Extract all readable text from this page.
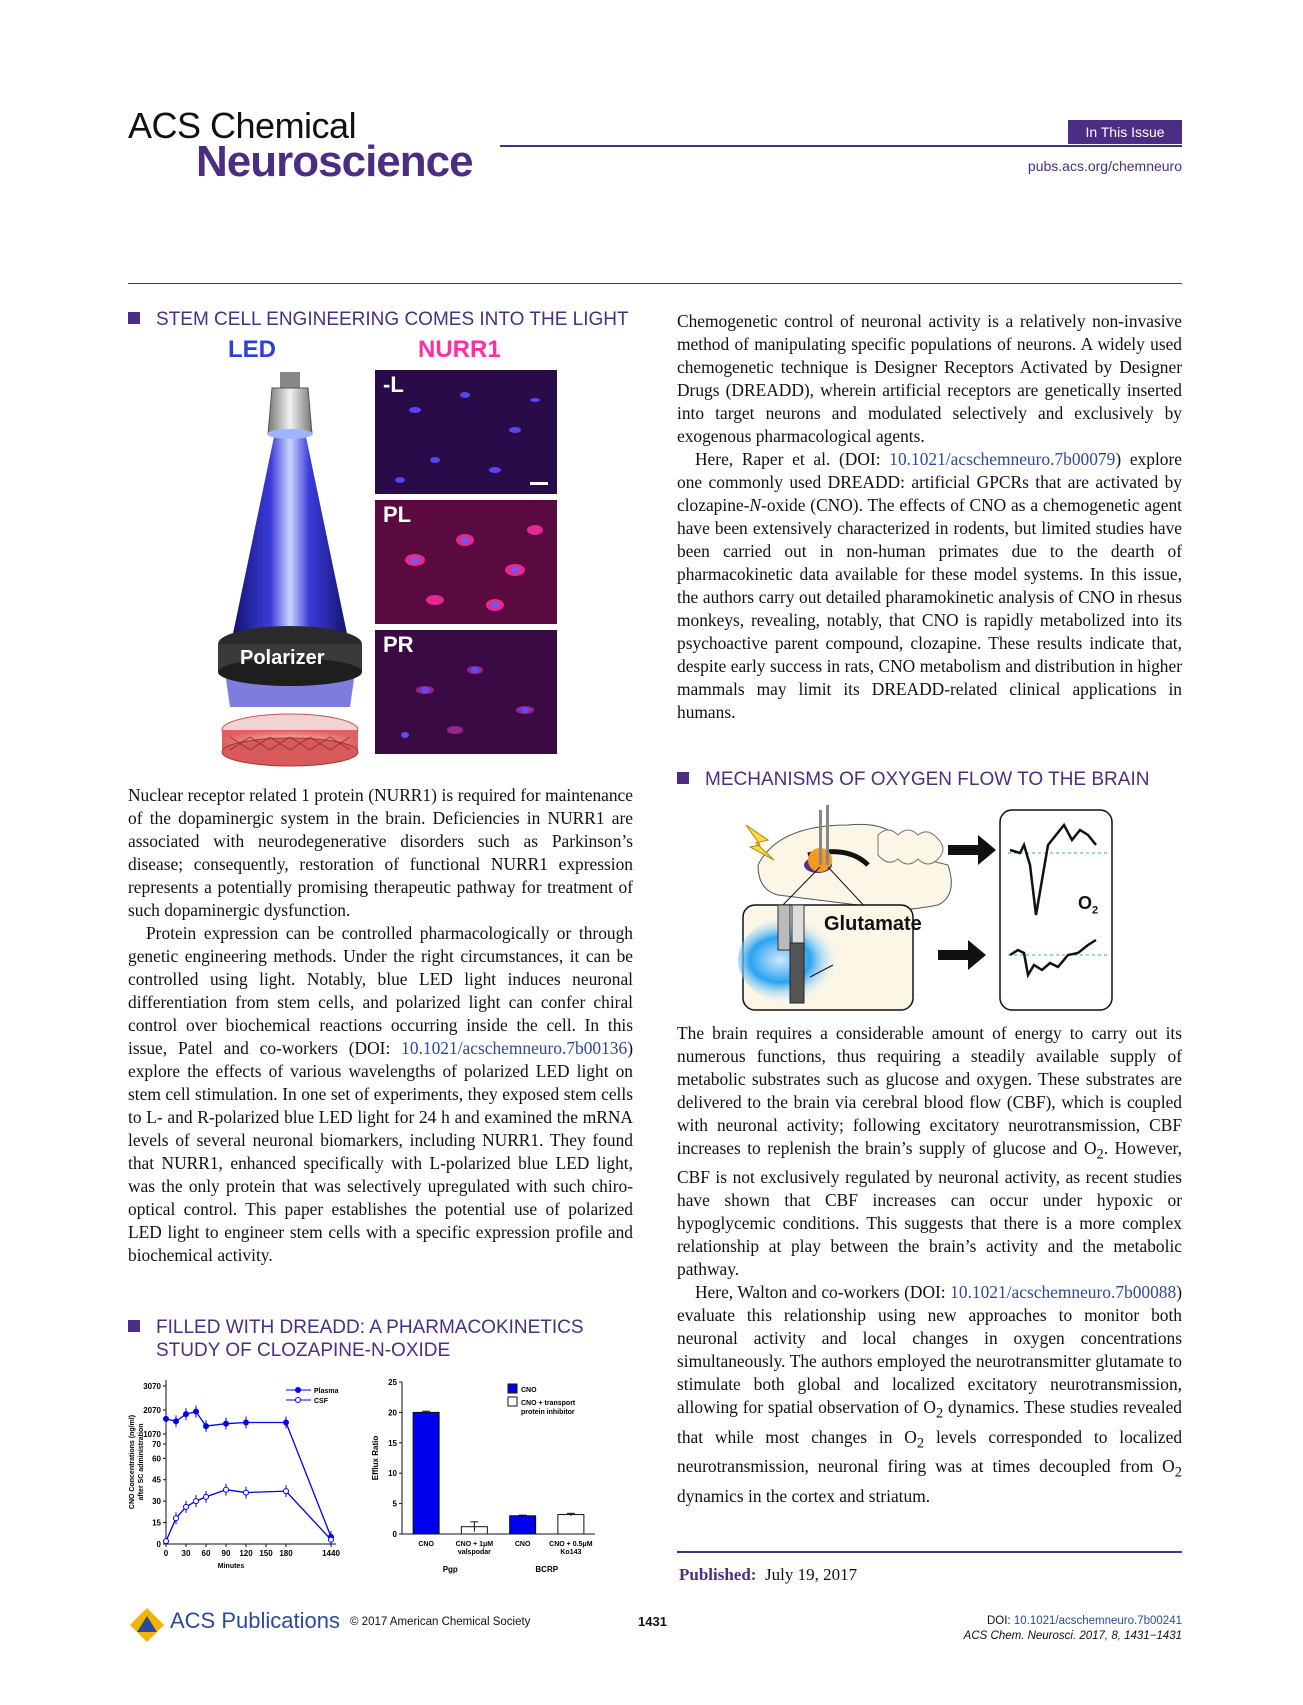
ACS Chemical
Neuroscience
In This Issue
pubs.acs.org/chemneuro
STEM CELL ENGINEERING COMES INTO THE LIGHT
LED
Polarizer
NURR1
-L
PL
PR

Nuclear receptor related 1 protein (NURR1) is required for maintenance of the dopaminergic system in the brain. Deficiencies in NURR1 are associated with neurodegenerative disorders such as Parkinson’s disease; consequently, restoration of functional NURR1 expression represents a potentially promising therapeutic pathway for treatment of such dopaminergic dysfunction.

Protein expression can be controlled pharmacologically or through genetic engineering methods. Under the right circumstances, it can be controlled using light. Notably, blue LED light induces neuronal differentiation from stem cells, and polarized light can confer chiral control over biochemical reactions occurring inside the cell. In this issue, Patel and co-workers (DOI: 10.1021/acschemneuro.7b00136) explore the effects of various wavelengths of polarized LED light on stem cell stimulation. In one set of experiments, they exposed stem cells to L- and R-polarized blue LED light for 24 h and examined the mRNA levels of several neuronal biomarkers, including NURR1. They found that NURR1, enhanced specifically with L-polarized blue LED light, was the only protein that was selectively upregulated with such chiro-optical control. This paper establishes the potential use of polarized LED light to engineer stem cells with a specific expression profile and biochemical activity.

FILLED WITH DREADD: A PHARMACOKINETICS
STUDY OF CLOZAPINE-N-OXIDE
0
15
30
45
60
70
1070
2070
3070
0 30 60 90 120 150 180	1440
Minutes
CNO Concentrations (ng/ml) after SC administration
Plasma
CSF
0
5
10
15
20
25
Efflux Ratio
CNO	CNO + 1μM
valspodar
CNO	CNO + 0.5μM
Ko143
Pgp	BCRP
CNO
CNO + transport
protein inhibitor

Chemogenetic control of neuronal activity is a relatively non-invasive method of manipulating specific populations of neurons. A widely used chemogenetic technique is Designer Receptors Activated by Designer Drugs (DREADD), wherein artificial receptors are genetically inserted into target neurons and modulated selectively and exclusively by exogenous pharmacological agents.

Here, Raper et al. (DOI: 10.1021/acschemneuro.7b00079) explore one commonly used DREADD: artificial GPCRs that are activated by clozapine-N-oxide (CNO). The effects of CNO as a chemogenetic agent have been extensively characterized in rodents, but limited studies have been carried out in non-human primates due to the dearth of pharmacokinetic data available for these model systems. In this issue, the authors carry out detailed pharamokinetic analysis of CNO in rhesus monkeys, revealing, notably, that CNO is rapidly metabolized into its psychoactive parent compound, clozapine. These results indicate that, despite early success in rats, CNO metabolism and distribution in higher mammals may limit its DREADD-related clinical applications in humans.

MECHANISMS OF OXYGEN FLOW TO THE BRAIN
Glutamate
$O_2$

The brain requires a considerable amount of energy to carry out its numerous functions, thus requiring a steadily available supply of metabolic substrates such as glucose and oxygen. These substrates are delivered to the brain via cerebral blood flow (CBF), which is coupled with neuronal activity; following excitatory neurotransmission, CBF increases to replenish the brain’s supply of glucose and $O_2$. However, CBF is not exclusively regulated by neuronal activity, as recent studies have shown that CBF increases can occur under hypoxic or hypoglycemic conditions. This suggests that there is a more complex relationship at play between the brain’s activity and the metabolic pathway.

Here, Walton and co-workers (DOI: 10.1021/acschemneuro.7b00088) evaluate this relationship using new approaches to monitor both neuronal activity and local changes in oxygen concentrations simultaneously. The authors employed the neurotransmitter glutamate to stimulate both global and localized excitatory neurotransmission, allowing for spatial observation of $O_2$ dynamics. These studies revealed that while most changes in $O_2$ levels corresponded to localized neurotransmission, neuronal firing was at times decoupled from $O_2$ dynamics in the cortex and striatum.

Published: July 19, 2017
ACS Publications © 2017 American Chemical Society	1431	DOI: 10.1021/acschemneuro.7b00241
ACS Chem. Neurosci. 2017, 8, 1431−1431
